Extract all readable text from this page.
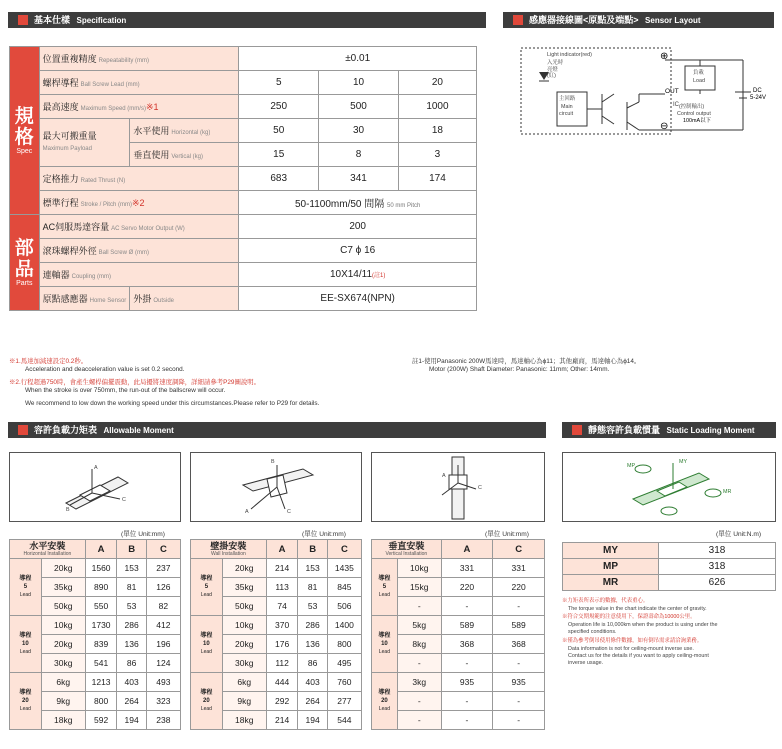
基本仕樣 Specification
規
格
Spec	位置重複精度 Repeatability (mm)		±0.01		
	螺桿導程 Ball Screw Lead (mm)		5	10	20
	最高速度 Maximum Speed (mm/s)※1		250	500	1000
	最大可搬重量
Maximum Payload	水平使用 Horizontal (kg)	50	30	18
		垂直使用 Vertical (kg)	15	8	3
	定格推力 Rated Thrust (N)		683	341	174
	標準行程 Stroke / Pitch (mm)※2		50-1100mm/50 間隔 50 mm Pitch		

部
品
Parts	AC伺服馬達容量 AC Servo Motor Output (W)		200		
	滾珠螺桿外徑 Ball Screw Ø (mm)		C7 ϕ 16		
	連軸器 Coupling (mm)		10X14/11(註1)		
	原點感應器 Home Sensor	外掛 Outside	EE-SX674(NPN)		
※1.馬達加減速設定0.2秒。
Acceleration and deacceleration value is set 0.2 second.
※2.行程超過750時，會產生螺桿偏擺震動，此局擾將速度調降，詳細請參考P29圖說明。
When the stroke is over 750mm, the run-out of the ballscrew will occur.
We recommend to low down the working speed under this circumstances.Please refer to P29 for details.
註1-使用Panasonic 200W馬達時，馬達軸心為ϕ11；其他廠商，馬達軸心為ϕ14。
Motor (200W) Shaft Diameter: Panasonic: 11mm; Other: 14mm.
感應器接線圖<原點及端點> Sensor Layout
Light indicator(red)
入光時亮燈(紅)
主回路
Main
circuit
負載
Load
OUT
IC (控制輸出)
Control output
100mA以下
DC
5-24V
⊕
⊖
容許負載力矩表 Allowable Moment
A
B
C
A
B
C
A
C
(單位 Unit:mm)	(單位 Unit:mm)	(單位 Unit:mm)
水平安裝
Horizontal Installation		A	B	C

導程
5
Lead	20kg	1560	153	237
	35kg	890	81	126
	50kg	550	53	82

導程
10
Lead	10kg	1730	286	412
	20kg	839	136	196
	30kg	541	86	124

導程
20
Lead	6kg	1213	403	493
	9kg	800	264	323
	18kg	592	194	238
壁掛安裝
Wall Installation		A	B	C

導程
5
Lead	20kg	214	153	1435
	35kg	113	81	845
	50kg	74	53	506

導程
10
Lead	10kg	370	286	1400
	20kg	176	136	800
	30kg	112	86	495

導程
20
Lead	6kg	444	403	760
	9kg	292	264	277
	18kg	214	194	544
垂直安裝
Vertical Installation		A	C

導程
5
Lead	10kg	331	331
	15kg	220	220
	-	-	-

導程
10
Lead	5kg	589	589
	8kg	368	368
	-	-	-

導程
20
Lead	3kg	935	935
	-	-	-
	-	-	-
靜態容許負載慣量 Static Loading Moment
MP
MY
MR
(單位 Unit:N.m)
MY	318
MP	318
MR	626
※力矩表所表示的數據，代表重心。
The torque value in the chart indicate the center of gravity.
※符合交期規範的注意使用下，保證壽命為10000公里。
Operation life is 10,000km when the product is using under the
specified conditions.
※僅為參考倒吊使用條件數據，如有倒吊需求請洽詢業務。
Data information is not for ceiling-mount inverse use.
Contact us for the details if you want to apply ceiling-mount
inverse usage.
